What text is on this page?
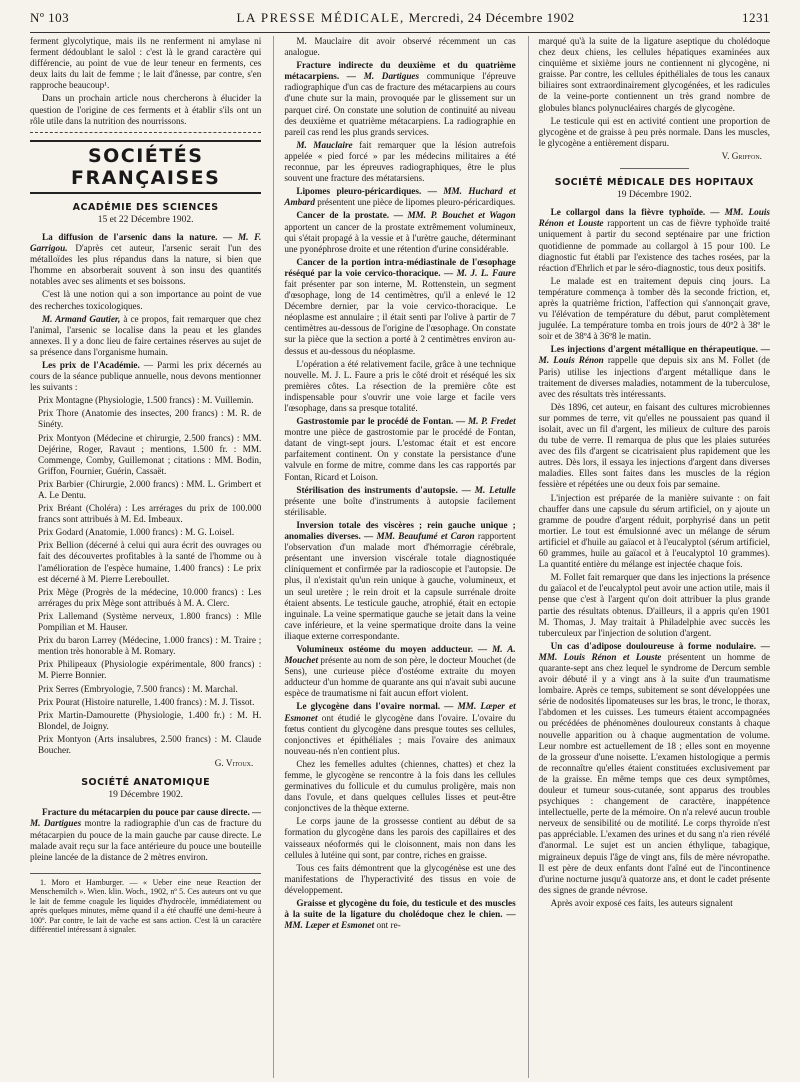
Nº 103	LA PRESSE MÉDICALE, Mercredi, 24 Décembre 1902	1231

ferment glycolytique, mais ils ne renferment ni amylase ni ferment dédoublant le salol : c'est là le grand caractère qui différencie, au point de vue de leur teneur en ferments, ces deux laits du lait de femme ; le lait d'ânesse, par contre, s'en rapproche beaucoup¹.

Dans un prochain article nous chercherons à élucider la question de l'origine de ces ferments et à établir s'ils ont un rôle utile dans la nutrition des nourrissons.

SOCIÉTÉS FRANÇAISES
ACADÉMIE DES SCIENCES
15 et 22 Décembre 1902.

La diffusion de l'arsenic dans la nature. — M. F. Garrigou. D'après cet auteur, l'arsenic serait l'un des métalloïdes les plus répandus dans la nature, si bien que l'homme en absorberait souvent à son insu des quantités notables avec ses aliments et ses boissons.

C'est là une notion qui a son importance au point de vue des recherches toxicologiques.

M. Armand Gautier, à ce propos, fait remarquer que chez l'animal, l'arsenic se localise dans la peau et les glandes annexes. Il y a donc lieu de faire certaines réserves au sujet de sa présence dans l'organisme humain.

Les prix de l'Académie. — Parmi les prix décernés au cours de la séance publique annuelle, nous devons mentionner les suivants :

Prix Montagne (Physiologie, 1.500 francs) : M. Vuillemin.

Prix Thore (Anatomie des insectes, 200 francs) : M. R. de Sinéty.

Prix Montyon (Médecine et chirurgie, 2.500 francs) : MM. Dejérine, Roger, Ravaut ; mentions, 1.500 fr. : MM. Commenge, Comby, Guillemonat ; citations : MM. Bodin, Griffon, Fournier, Guérin, Cassaët.

Prix Barbier (Chirurgie, 2.000 francs) : MM. L. Grimbert et A. Le Dentu.

Prix Bréant (Choléra) : Les arrérages du prix de 100.000 francs sont attribués à M. Ed. Imbeaux.

Prix Godard (Anatomie, 1.000 francs) : M. G. Loisel.

Prix Bellion (décerné à celui qui aura écrit des ouvrages ou fait des découvertes profitables à la santé de l'homme ou à l'amélioration de l'espèce humaine, 1.400 francs) : Le prix est décerné à M. Pierre Lereboullet.

Prix Mège (Progrès de la médecine, 10.000 francs) : Les arrérages du prix Mège sont attribués à M. A. Clerc.

Prix Lallemand (Système nerveux, 1.800 francs) : Mlle Pompilian et M. Hauser.

Prix du baron Larrey (Médecine, 1.000 francs) : M. Traire ; mention très honorable à M. Romary.

Prix Philipeaux (Physiologie expérimentale, 800 francs) : M. Pierre Bonnier.

Prix Serres (Embryologie, 7.500 francs) : M. Marchal.

Prix Pourat (Histoire naturelle, 1.400 francs) : M. J. Tissot.

Prix Martin-Damourette (Physiologie, 1.400 fr.) : M. H. Blondel, de Joigny.

Prix Montyon (Arts insalubres, 2.500 francs) : M. Claude Boucher.

G. Vitoux.
SOCIÉTÉ ANATOMIQUE
19 Décembre 1902.

Fracture du métacarpien du pouce par cause directe. — M. Dartigues montre la radiographie d'un cas de fracture du métacarpien du pouce de la main gauche par cause directe. Le malade avait reçu sur la face antérieure du pouce une bouteille pleine lancée de la distance de 2 mètres environ.

1. Moro et Hamburger. — « Ueber eine neue Reaction der Menschemilch ». Wien. klin. Woch., 1902, nº 5. Ces auteurs ont vu que le lait de femme coagule les liquides d'hydrocèle, immédiatement ou après quelques minutes, même quand il a été chauffé une demi-heure à 100º. Par contre, le lait de vache est sans action. C'est là un caractère différentiel intéressant à signaler.

M. Mauclaire dit avoir observé récemment un cas analogue.

Fracture indirecte du deuxième et du quatrième métacarpiens. — M. Dartigues communique l'épreuve radiographique d'un cas de fracture des métacarpiens au cours d'une chute sur la main, provoquée par le glissement sur un parquet ciré. On constate une solution de continuité au niveau des deuxième et quatrième métacarpiens. La radiographie en pareil cas rend les plus grands services.

M. Mauclaire fait remarquer que la lésion autrefois appelée « pied forcé » par les médecins militaires a été reconnue, par les épreuves radiographiques, être le plus souvent une fracture des métatarsiens.

Lipomes pleuro-péricardiques. — MM. Huchard et Ambard présentent une pièce de lipomes pleuro-péricardiques.

Cancer de la prostate. — MM. P. Bouchet et Wagon apportent un cancer de la prostate extrêmement volumineux, qui s'était propagé à la vessie et à l'urètre gauche, déterminant une pyonéphrose droite et une rétention d'urine considérable.

Cancer de la portion intra-médiastinale de l'œsophage réséqué par la voie cervico-thoracique. — M. J. L. Faure fait présenter par son interne, M. Rottenstein, un segment d'œsophage, long de 14 centimètres, qu'il a enlevé le 12 Décembre dernier, par la voie cervico-thoracique. Le néoplasme est annulaire ; il était senti par l'olive à partir de 7 centimètres au-dessous de l'origine de l'œsophage. On constate sur la pièce que la section a porté à 2 centimètres environ au-dessus et au-dessous du néoplasme.

L'opération a été relativement facile, grâce à une technique nouvelle. M. J. L. Faure a pris le côté droit et réséqué les six premières côtes. La résection de la première côte est indispensable pour s'ouvrir une voie large et facile vers l'œsophage, dans sa presque totalité.

Gastrostomie par le procédé de Fontan. — M. P. Fredet montre une pièce de gastrostomie par le procédé de Fontan, datant de vingt-sept jours. L'estomac était et est encore parfaitement continent. On y constate la persistance d'une valvule en forme de mitre, comme dans les cas rapportés par Fontan, Ricard et Loison.

Stérilisation des instruments d'autopsie. — M. Letulle présente une boîte d'instruments à autopsie facilement stérilisable.

Inversion totale des viscères ; rein gauche unique ; anomalies diverses. — MM. Beaufumé et Caron rapportent l'observation d'un malade mort d'hémorragie cérébrale, présentant une inversion viscérale totale diagnostiquée cliniquement et confirmée par la radioscopie et l'autopsie. De plus, il n'existait qu'un rein unique à gauche, volumineux, et un seul uretère ; le rein droit et la capsule surrénale droite étaient absents. Le testicule gauche, atrophié, était en ectopie inguinale. La veine spermatique gauche se jetait dans la veine cave inférieure, et la veine spermatique droite dans la veine iliaque externe correspondante.

Volumineux ostéome du moyen adducteur. — M. A. Mouchet présente au nom de son père, le docteur Mouchet (de Sens), une curieuse pièce d'ostéome extraite du moyen adducteur d'un homme de quarante ans qui n'avait subi aucune espèce de traumatisme ni fait aucun effort violent.

Le glycogène dans l'ovaire normal. — MM. Læper et Esmonet ont étudié le glycogène dans l'ovaire. L'ovaire du fœtus contient du glycogène dans presque toutes ses cellules, conjonctives et épithéliales ; mais l'ovaire des animaux nouveau-nés n'en contient plus.

Chez les femelles adultes (chiennes, chattes) et chez la femme, le glycogène se rencontre à la fois dans les cellules germinatives du follicule et du cumulus proligère, mais non dans l'ovule, et dans quelques cellules lisses et peut-être conjonctives de la thèque externe.

Le corps jaune de la grossesse contient au début de sa formation du glycogène dans les parois des capillaires et des vaisseaux néoformés qui le cloisonnent, mais non dans les cellules à lutéine qui sont, par contre, riches en graisse.

Tous ces faits démontrent que la glycogénèse est une des manifestations de l'hyperactivité des tissus en voie de développement.

Graisse et glycogène du foie, du testicule et des muscles à la suite de la ligature du cholédoque chez le chien. — MM. Læper et Esmonet ont re-

marqué qu'à la suite de la ligature aseptique du cholédoque chez deux chiens, les cellules hépatiques examinées aux cinquième et sixième jours ne contiennent ni glycogène, ni graisse. Par contre, les cellules épithéliales de tous les canaux biliaires sont extraordinairement glycogénées, et les radicules de la veine-porte contiennent un très grand nombre de globules blancs polynucléaires chargés de glycogène.

Le testicule qui est en activité contient une proportion de glycogène et de graisse à peu près normale. Dans les muscles, le glycogène a entièrement disparu.

V. Griffon.
SOCIÉTÉ MÉDICALE DES HOPITAUX
19 Décembre 1902.

Le collargol dans la fièvre typhoïde. — MM. Louis Rénon et Louste rapportent un cas de fièvre typhoïde traité uniquement à partir du second septénaire par une friction quotidienne de pommade au collargol à 15 pour 100. Le diagnostic fut établi par l'existence des taches rosées, par la réaction d'Ehrlich et par le séro-diagnostic, tous deux positifs.

Le malade est en traitement depuis cinq jours. La température commença à tomber dès la seconde friction, et, après la quatrième friction, l'affection qui s'annonçait grave, vu l'élévation de température du début, parut complètement jugulée. La température tomba en trois jours de 40º2 à 38º le soir et de 38º4 à 36º8 le matin.

Les injections d'argent métallique en thérapeutique. — M. Louis Rénon rappelle que depuis six ans M. Follet (de Paris) utilise les injections d'argent métallique dans le traitement de diverses maladies, notamment de la tuberculose, avec des résultats très intéressants.

Dès 1896, cet auteur, en faisant des cultures microbiennes sur pommes de terre, vit qu'elles ne poussaient pas quand il isolait, avec un fil d'argent, les milieux de culture des parois du tube de verre. Il remarqua de plus que les plaies suturées avec des fils d'argent se cicatrisaient plus rapidement que les autres. Dès lors, il essaya les injections d'argent dans diverses maladies. Elles sont faites dans les muscles de la région fessière et répétées une ou deux fois par semaine.

L'injection est préparée de la manière suivante : on fait chauffer dans une capsule du sérum artificiel, on y ajoute un gramme de poudre d'argent réduit, porphyrisé dans un petit mortier. Le tout est émulsionné avec un mélange de sérum artificiel et d'huile au gaïacol et à l'eucalyptol (sérum artificiel, 60 grammes, huile au gaïacol et à l'eucalyptol 10 grammes). La quantité entière du mélange est injectée chaque fois.

M. Follet fait remarquer que dans les injections la présence du gaïacol et de l'eucalyptol peut avoir une action utile, mais il pense que c'est à l'argent qu'on doit attribuer la plus grande partie des résultats obtenus. D'ailleurs, il a appris qu'en 1901 M. Thomas, J. May traitait à Philadelphie avec succès les tuberculeux par l'injection de solution d'argent.

Un cas d'adipose douloureuse à forme nodulaire. — MM. Louis Rénon et Louste présentent un homme de quarante-sept ans chez lequel le syndrome de Dercum semble avoir débuté il y a vingt ans à la suite d'un traumatisme lombaire. Après ce temps, subitement se sont développées une série de nodosités lipomateuses sur les bras, le tronc, le thorax, l'abdomen et les cuisses. Les tumeurs étaient accompagnées ou précédées de phénomènes douloureux constants à chaque nouvelle apparition ou à chaque augmentation de volume. Leur nombre est actuellement de 18 ; elles sont en moyenne de la grosseur d'une noisette. L'examen histologique a permis de reconnaître qu'elles étaient constituées exclusivement par de la graisse. En même temps que ces deux symptômes, douleur et tumeur sous-cutanée, sont apparus des troubles psychiques : changement de caractère, inappétence intellectuelle, perte de la mémoire. On n'a relevé aucun trouble nerveux de sensibilité ou de motilité. Le corps thyroïde n'est pas appréciable. L'examen des urines et du sang n'a rien révélé d'anormal. Le sujet est un ancien éthylique, tabagique, migraineux depuis l'âge de vingt ans, fils de mère névropathe. Il est père de deux enfants dont l'aîné eut de l'incontinence d'urine nocturne jusqu'à quatorze ans, et dont le cadet présente des signes de grande névrose.

Après avoir exposé ces faits, les auteurs signalent
